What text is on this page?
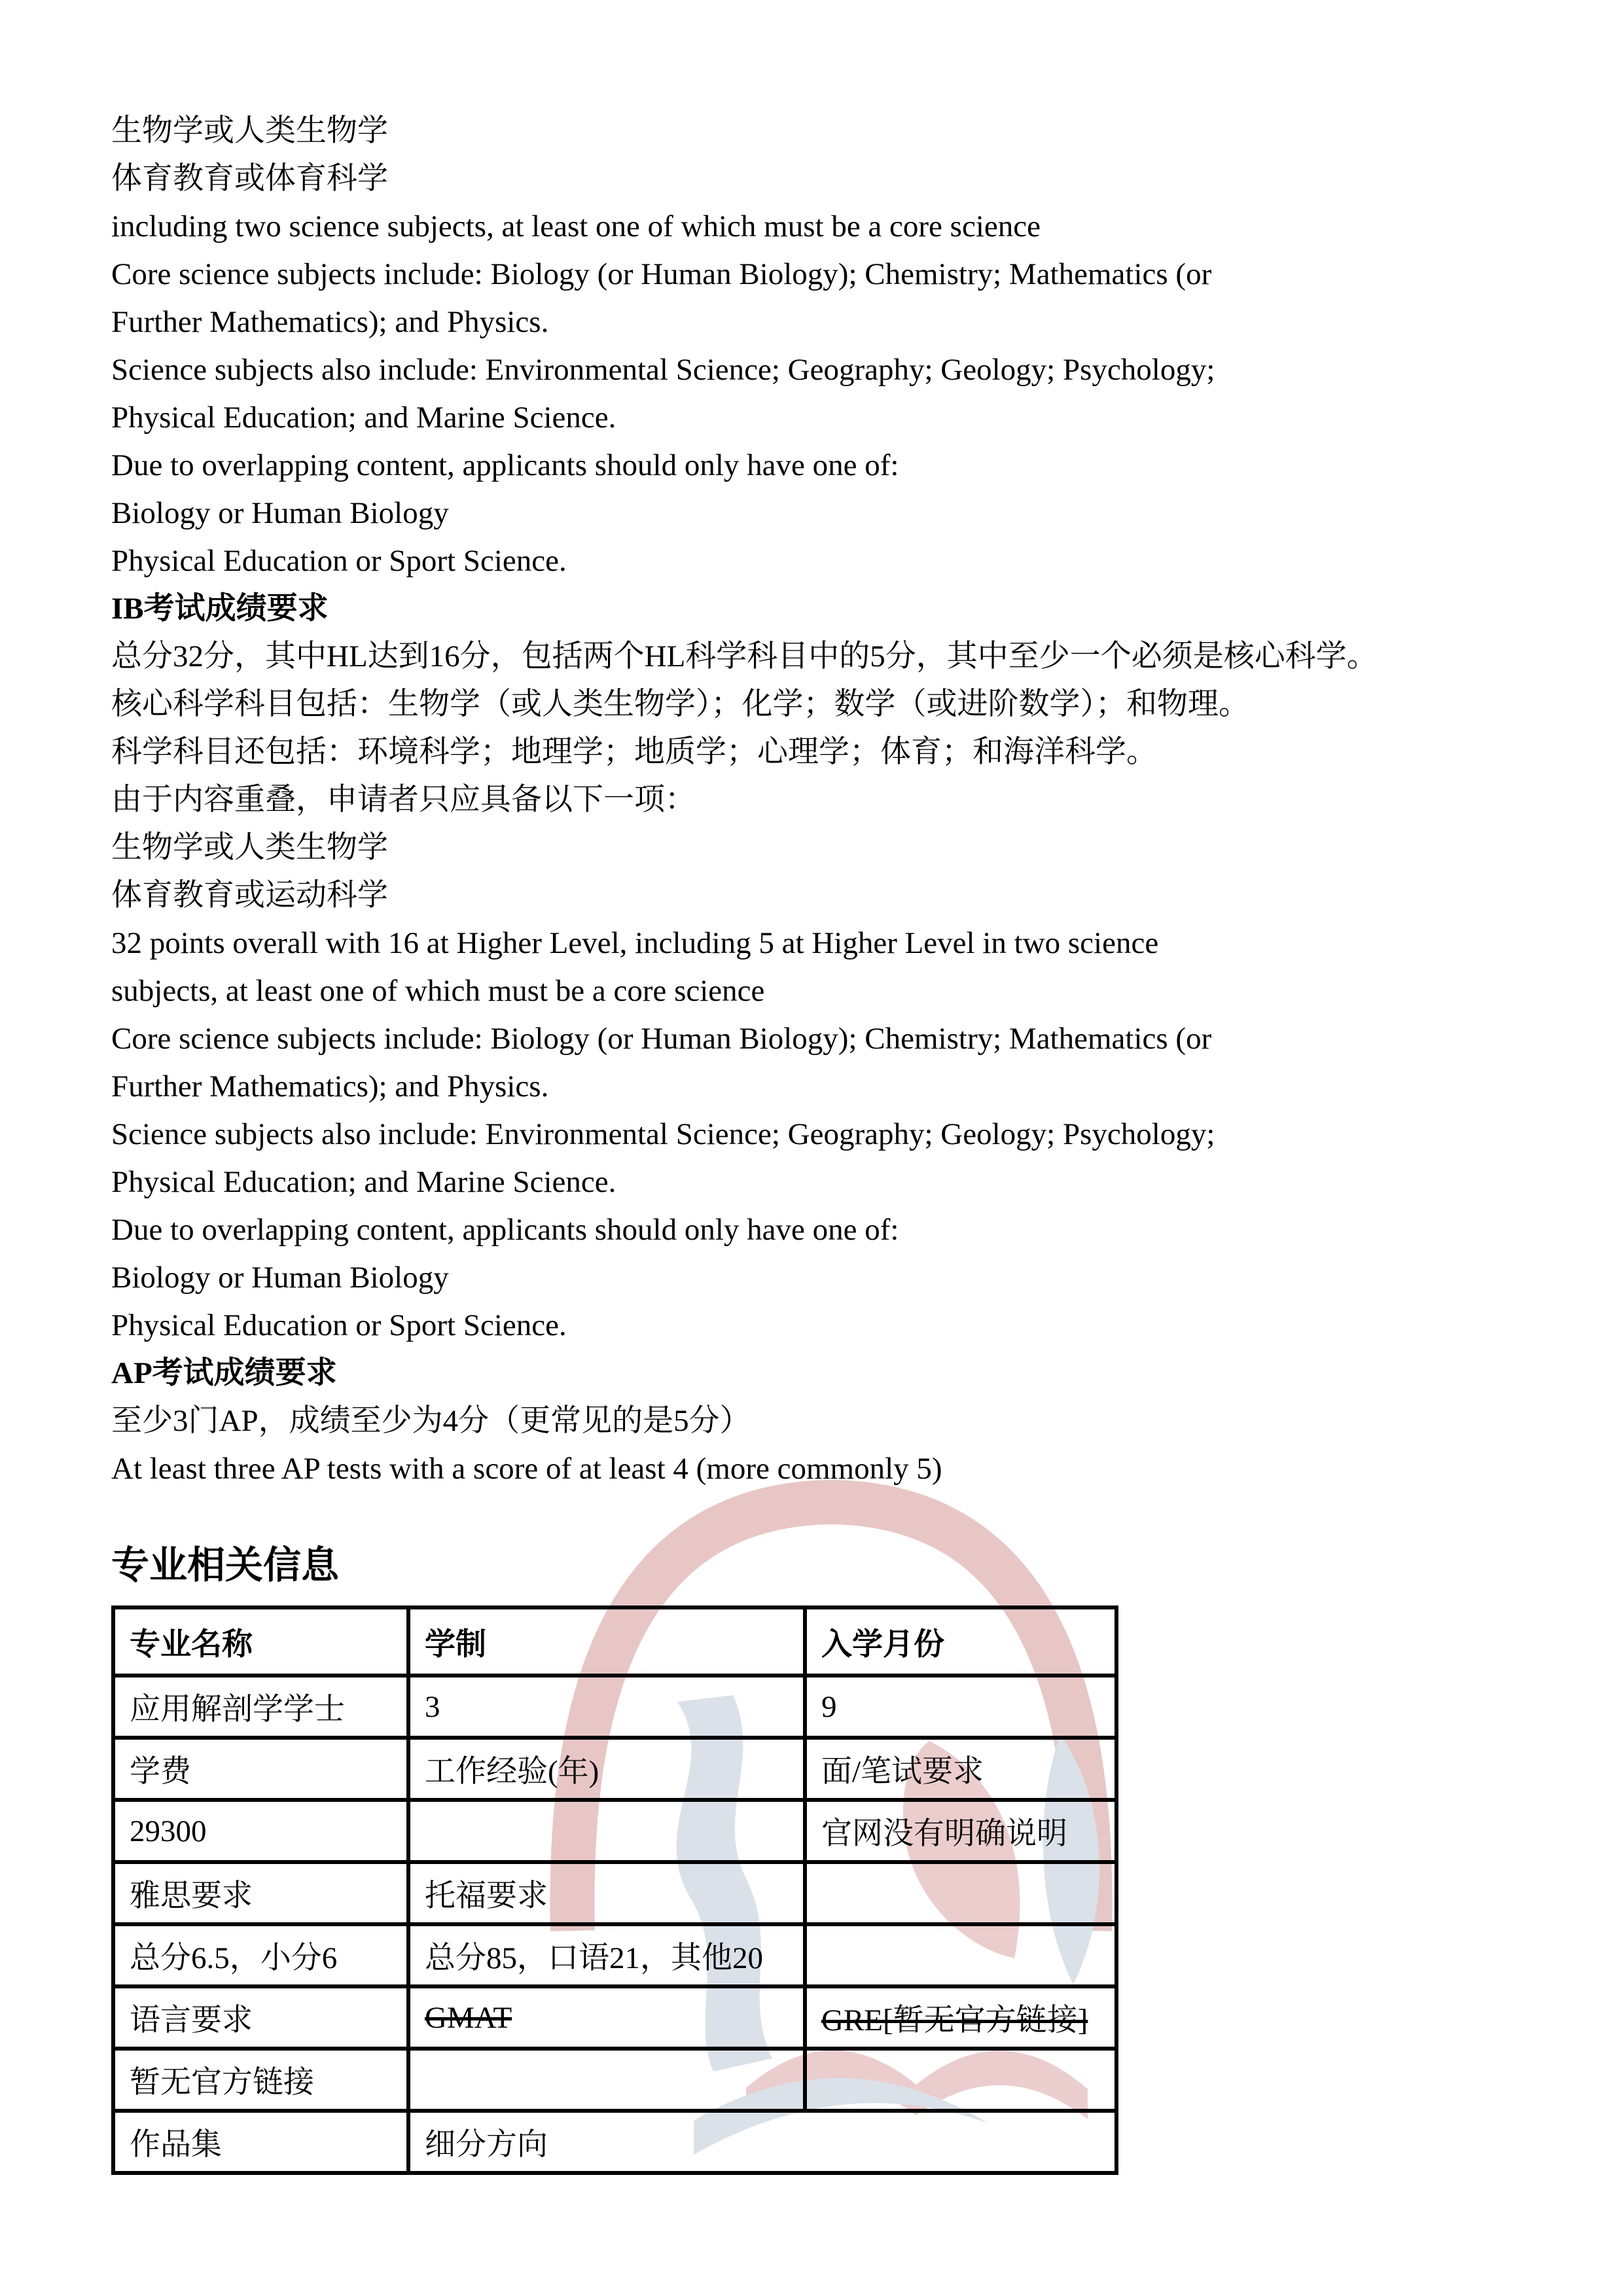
生物学或人类生物学
体育教育或体育科学
including two science subjects, at least one of which must be a core science
Core science subjects include: Biology (or Human Biology); Chemistry; Mathematics (or
Further Mathematics); and Physics.
Science subjects also include: Environmental Science; Geography; Geology; Psychology;
Physical Education; and Marine Science.
Due to overlapping content, applicants should only have one of:
Biology or Human Biology
Physical Education or Sport Science.
IB考试成绩要求
总分32分，其中HL达到16分，包括两个HL科学科目中的5分，其中至少一个必须是核心科学。
核心科学科目包括：生物学（或人类生物学）；化学；数学（或进阶数学）；和物理。
科学科目还包括：环境科学；地理学；地质学；心理学；体育；和海洋科学。
由于内容重叠，申请者只应具备以下一项：
生物学或人类生物学
体育教育或运动科学
32 points overall with 16 at Higher Level, including 5 at Higher Level in two science
subjects, at least one of which must be a core science
Core science subjects include: Biology (or Human Biology); Chemistry; Mathematics (or
Further Mathematics); and Physics.
Science subjects also include: Environmental Science; Geography; Geology; Psychology;
Physical Education; and Marine Science.
Due to overlapping content, applicants should only have one of:
Biology or Human Biology
Physical Education or Sport Science.
AP考试成绩要求
至少3门AP，成绩至少为4分（更常见的是5分）
At least three AP tests with a score of at least 4 (more commonly 5)
专业相关信息
专业名称	学制	入学月份
应用解剖学学士	3	9
学费	工作经验(年)	面/笔试要求
29300		官网没有明确说明
雅思要求	托福要求	
总分6.5，小分6	总分85，口语21，其他20	
语言要求	GMAT	GRE[暂无官方链接]
暂无官方链接		
作品集	细分方向	
